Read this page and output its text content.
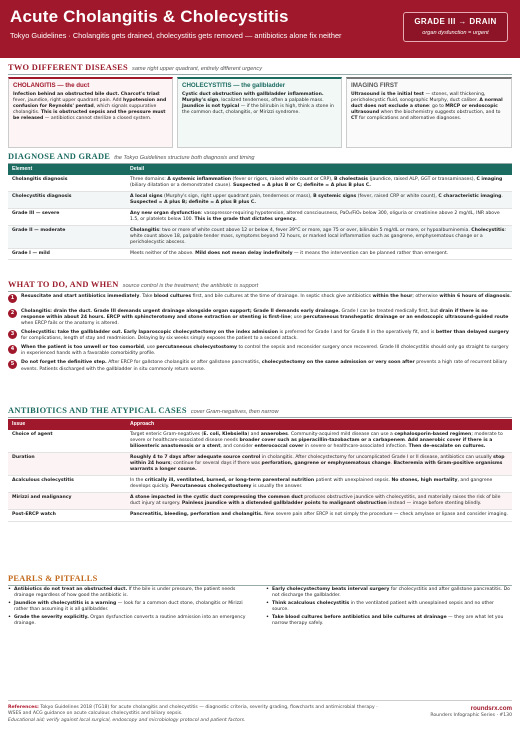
Acute Cholangitis & Cholecystitis
Tokyo Guidelines · Cholangitis gets drained, cholecystitis gets removed — antibiotics alone fix neither
GRADE III → DRAIN
organ dysfunction = urgent
TWO DIFFERENT DISEASES same right upper quadrant, entirely different urgency
CHOLANGITIS — the duct
Infection behind an obstructed bile duct. Charcot's triad: fever, jaundice, right upper quadrant pain. Add hypotension and confusion for Reynolds' pentad, which signals suppurative cholangitis. This is obstructed sepsis and the pressure must be released — antibiotics cannot sterilize a closed system.
CHOLECYSTITIS — the gallbladder
Cystic duct obstruction with gallbladder inflammation. Murphy's sign, localized tenderness, often a palpable mass. Jaundice is not typical — if the bilirubin is high, think a stone in the common duct, cholangitis, or Mirizzi syndrome.
IMAGING FIRST
Ultrasound is the initial test — stones, wall thickening, pericholecystic fluid, sonographic Murphy, duct caliber. A normal duct does not exclude a stone: go to MRCP or endoscopic ultrasound when the biochemistry suggests obstruction, and to CT for complications and alternative diagnoses.
DIAGNOSE AND GRADE the Tokyo Guidelines structure both diagnosis and timing
Element	Detail
Cholangitis diagnosis	Three domains: A systemic inflammation (fever or rigors, raised white count or CRP), B cholestasis (jaundice, raised ALP, GGT or transaminases), C imaging (biliary dilatation or a demonstrated cause). Suspected = A plus B or C; definite = A plus B plus C.
Cholecystitis diagnosis	A local signs (Murphy's sign, right upper quadrant pain, tenderness or mass), B systemic signs (fever, raised CRP or white count), C characteristic imaging. Suspected = A plus B; definite = A plus B plus C.
Grade III — severe	Any new organ dysfunction: vasopressor-requiring hypotension, altered consciousness, PaO₂/FiO₂ below 300, oliguria or creatinine above 2 mg/dL, INR above 1.5, or platelets below 100. This is the grade that dictates urgency.
Grade II — moderate	Cholangitis: two or more of white count above 12 or below 4, fever 39°C or more, age 75 or over, bilirubin 5 mg/dL or more, or hypoalbuminemia. Cholecystitis: white count above 18, palpable tender mass, symptoms beyond 72 hours, or marked local inflammation such as gangrene, emphysematous change or a pericholecystic abscess.
Grade I — mild	Meets neither of the above. Mild does not mean delay indefinitely — it means the intervention can be planned rather than emergent.
WHAT TO DO, AND WHEN source control is the treatment; the antibiotic is support
1	Resuscitate and start antibiotics immediately. Take blood cultures first, and bile cultures at the time of drainage. In septic shock give antibiotics within the hour; otherwise within 6 hours of diagnosis.
2	Cholangitis: drain the duct. Grade III demands urgent drainage alongside organ support; Grade II demands early drainage. Grade I can be treated medically first, but drain if there is no response within about 24 hours. ERCP with sphincterotomy and stone extraction or stenting is first-line; use percutaneous transhepatic drainage or an endoscopic ultrasound-guided route when ERCP fails or the anatomy is altered.
3	Cholecystitis: take the gallbladder out. Early laparoscopic cholecystectomy on the index admission is preferred for Grade I and for Grade II in the operatively fit, and is better than delayed surgery for complications, length of stay and readmission. Delaying by six weeks simply exposes the patient to a second attack.
4	When the patient is too unwell or too comorbid, use percutaneous cholecystostomy to control the sepsis and reconsider surgery once recovered. Grade III cholecystitis should only go straight to surgery in experienced hands with a favorable comorbidity profile.
5	Do not forget the definitive step. After ERCP for gallstone cholangitis or after gallstone pancreatitis, cholecystectomy on the same admission or very soon after prevents a high rate of recurrent biliary events. Patients discharged with the gallbladder in situ commonly return worse.
ANTIBIOTICS AND THE ATYPICAL CASES cover Gram-negatives, then narrow
Issue	Approach
Choice of agent	Target enteric Gram-negatives (E. coli, Klebsiella) and anaerobes. Community-acquired mild disease can use a cephalosporin-based regimen; moderate to severe or healthcare-associated disease needs broader cover such as piperacillin-tazobactam or a carbapenem. Add anaerobic cover if there is a bilioenteric anastomosis or a stent, and consider enterococcal cover in severe or healthcare-associated infection. Then de-escalate on cultures.
Duration	Roughly 4 to 7 days after adequate source control in cholangitis. After cholecystectomy for uncomplicated Grade I or II disease, antibiotics can usually stop within 24 hours; continue for several days if there was perforation, gangrene or emphysematous change. Bacteremia with Gram-positive organisms warrants a longer course.
Acalculous cholecystitis	In the critically ill, ventilated, burned, or long-term parenteral nutrition patient with unexplained sepsis. No stones, high mortality, and gangrene develops quickly. Percutaneous cholecystostomy is usually the answer.
Mirizzi and malignancy	A stone impacted in the cystic duct compressing the common duct produces obstructive jaundice with cholecystitis, and materially raises the risk of bile duct injury at surgery. Painless jaundice with a distended gallbladder points to malignant obstruction instead — image before stenting blindly.
Post-ERCP watch	Pancreatitis, bleeding, perforation and cholangitis. New severe pain after ERCP is not simply the procedure — check amylase or lipase and consider imaging.
PEARLS & PITFALLS
• Antibiotics do not treat an obstructed duct. If the bile is under pressure, the patient needs drainage regardless of how good the antibiotic is.
• Jaundice with cholecystitis is a warning — look for a common duct stone, cholangitis or Mirizzi rather than assuming it is all gallbladder.
• Grade the severity explicitly. Organ dysfunction converts a routine admission into an emergency drainage.
• Early cholecystectomy beats interval surgery for cholecystitis and after gallstone pancreatitis. Do not discharge the gallbladder.
• Think acalculous cholecystitis in the ventilated patient with unexplained sepsis and no other source.
• Take blood cultures before antibiotics and bile cultures at drainage — they are what let you narrow therapy safely.
References: Tokyo Guidelines 2018 (TG18) for acute cholangitis and cholecystitis — diagnostic criteria, severity grading, flowcharts and antimicrobial therapy · WSES and ACG guidance on acute calculous cholecystitis and biliary sepsis.
Educational aid; verify against local surgical, endoscopy and microbiology protocol and patient factors.
roundsrx.com
Rounders Infographic Series · #130
